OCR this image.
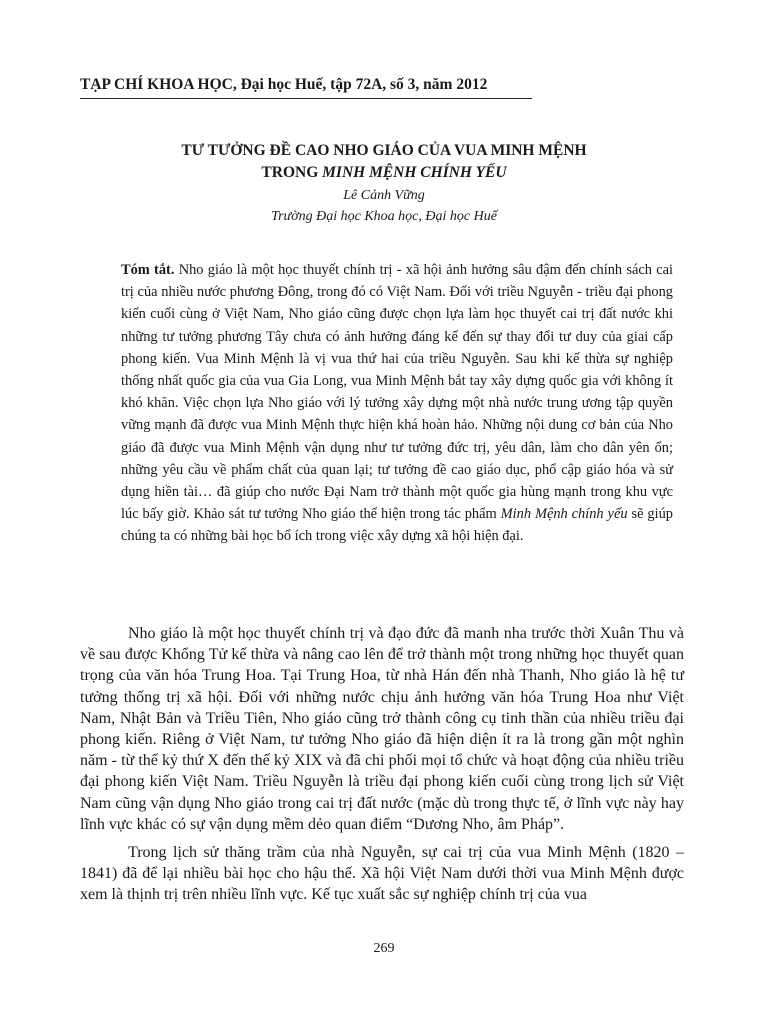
TẠP CHÍ KHOA HỌC, Đại học Huế, tập 72A, số 3, năm 2012
TƯ TƯỞNG ĐỀ CAO NHO GIÁO CỦA VUA MINH MỆNH
TRONG MINH MỆNH CHÍNH YẾU
Lê Cảnh Vững
Trường Đại học Khoa học, Đại học Huế
Tóm tắt. Nho giáo là một học thuyết chính trị - xã hội ảnh hưởng sâu đậm đến chính sách cai trị của nhiều nước phương Đông, trong đó có Việt Nam. Đối với triều Nguyễn - triều đại phong kiến cuối cùng ở Việt Nam, Nho giáo cũng được chọn lựa làm học thuyết cai trị đất nước khi những tư tưởng phương Tây chưa có ảnh hưởng đáng kể đến sự thay đổi tư duy của giai cấp phong kiến. Vua Minh Mệnh là vị vua thứ hai của triều Nguyễn. Sau khi kế thừa sự nghiệp thống nhất quốc gia của vua Gia Long, vua Minh Mệnh bắt tay xây dựng quốc gia với không ít khó khăn. Việc chọn lựa Nho giáo với lý tưởng xây dựng một nhà nước trung ương tập quyền vững mạnh đã được vua Minh Mệnh thực hiện khá hoàn hảo. Những nội dung cơ bản của Nho giáo đã được vua Minh Mệnh vận dụng như tư tưởng đức trị, yêu dân, làm cho dân yên ổn; những yêu cầu về phẩm chất của quan lại; tư tưởng đề cao giáo dục, phổ cập giáo hóa và sử dụng hiền tài… đã giúp cho nước Đại Nam trở thành một quốc gia hùng mạnh trong khu vực lúc bấy giờ. Khảo sát tư tưởng Nho giáo thể hiện trong tác phẩm Minh Mệnh chính yếu sẽ giúp chúng ta có những bài học bổ ích trong việc xây dựng xã hội hiện đại.

Nho giáo là một học thuyết chính trị và đạo đức đã manh nha trước thời Xuân Thu và về sau được Khổng Tử kế thừa và nâng cao lên để trở thành một trong những học thuyết quan trọng của văn hóa Trung Hoa. Tại Trung Hoa, từ nhà Hán đến nhà Thanh, Nho giáo là hệ tư tưởng thống trị xã hội. Đối với những nước chịu ảnh hưởng văn hóa Trung Hoa như Việt Nam, Nhật Bản và Triều Tiên, Nho giáo cũng trở thành công cụ tinh thần của nhiều triều đại phong kiến. Riêng ở Việt Nam, tư tưởng Nho giáo đã hiện diện ít ra là trong gần một nghìn năm - từ thế kỷ thứ X đến thế kỷ XIX và đã chi phối mọi tổ chức và hoạt động của nhiều triều đại phong kiến Việt Nam. Triều Nguyễn là triều đại phong kiến cuối cùng trong lịch sử Việt Nam cũng vận dụng Nho giáo trong cai trị đất nước (mặc dù trong thực tế, ở lĩnh vực này hay lĩnh vực khác có sự vận dụng mềm dẻo quan điểm “Dương Nho, âm Pháp”.

Trong lịch sử thăng trầm của nhà Nguyễn, sự cai trị của vua Minh Mệnh (1820 – 1841) đã để lại nhiều bài học cho hậu thế. Xã hội Việt Nam dưới thời vua Minh Mệnh được xem là thịnh trị trên nhiều lĩnh vực. Kế tục xuất sắc sự nghiệp chính trị của vua

269
